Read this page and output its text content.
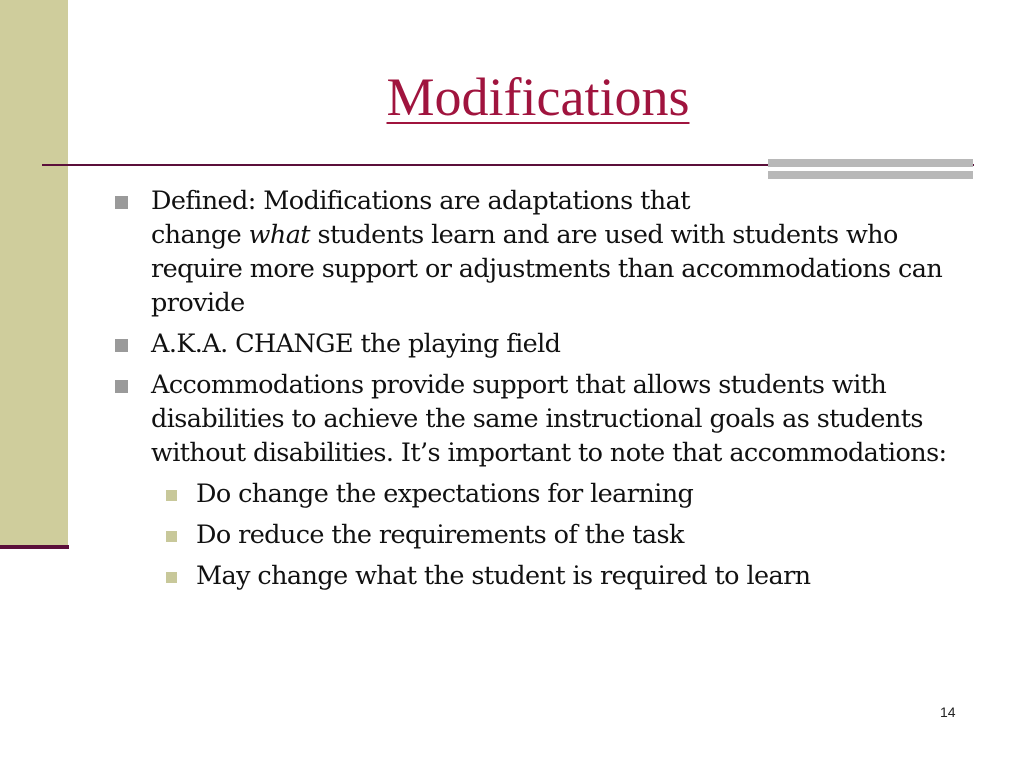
Modifications
Defined: Modifications are adaptations that
change what students learn and are used with students who require more support or adjustments than accommodations can provide
A.K.A. CHANGE the playing field
Accommodations provide support that allows students with disabilities to achieve the same instructional goals as students without disabilities. It’s important to note that accommodations:
Do change the expectations for learning
Do reduce the requirements of the task
May change what the student is required to learn
14
